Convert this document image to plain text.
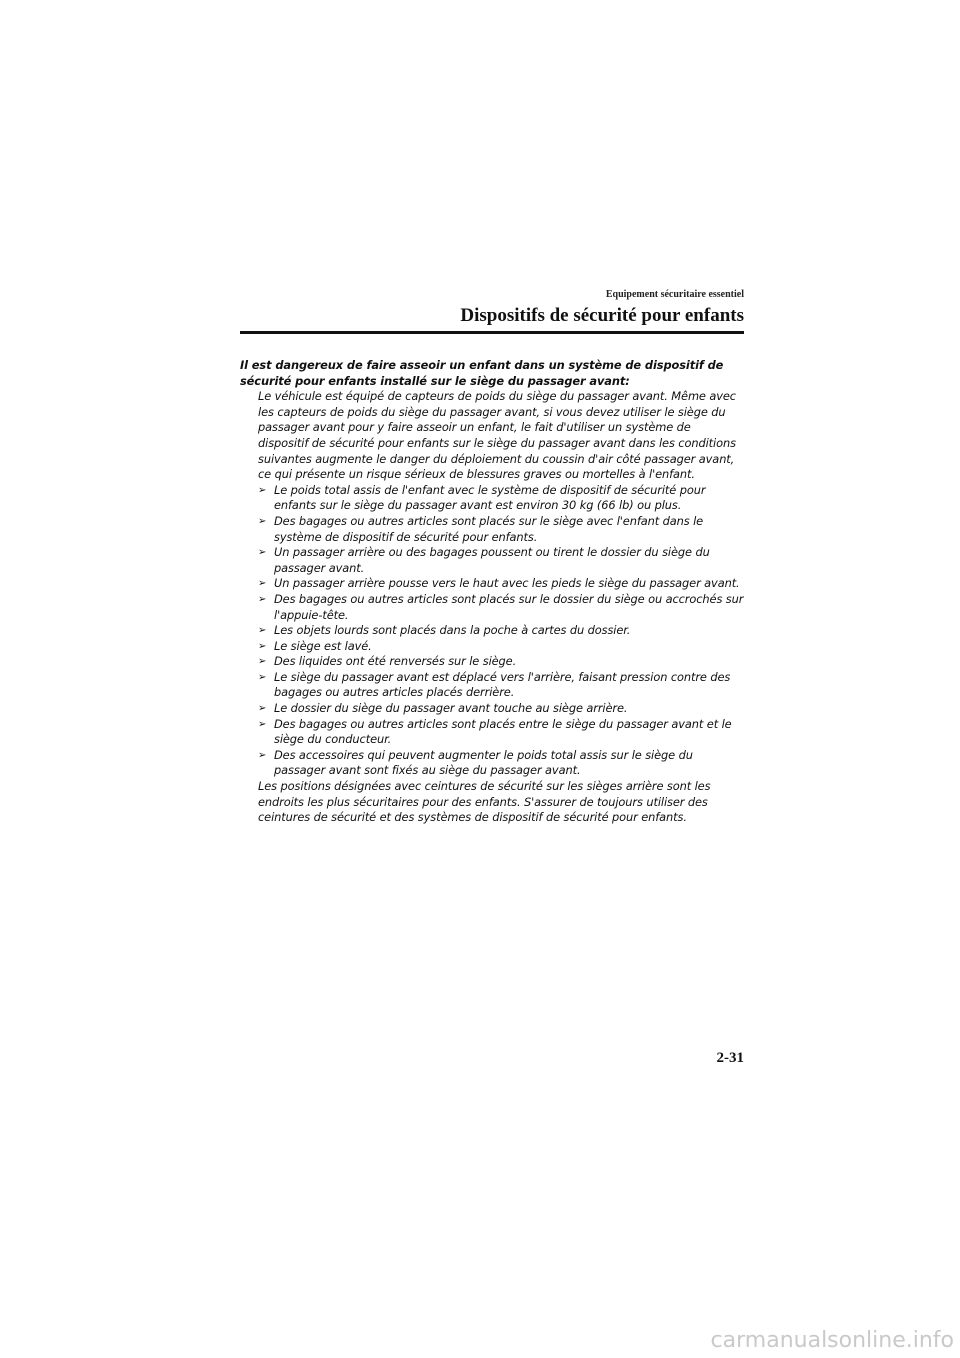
Equipement sécuritaire essentiel
Dispositifs de sécurité pour enfants
Il est dangereux de faire asseoir un enfant dans un système de dispositif de sécurité pour enfants installé sur le siège du passager avant:
Le véhicule est équipé de capteurs de poids du siège du passager avant. Même avec les capteurs de poids du siège du passager avant, si vous devez utiliser le siège du passager avant pour y faire asseoir un enfant, le fait d'utiliser un système de dispositif de sécurité pour enfants sur le siège du passager avant dans les conditions suivantes augmente le danger du déploiement du coussin d'air côté passager avant, ce qui présente un risque sérieux de blessures graves ou mortelles à l'enfant.
➢ Le poids total assis de l'enfant avec le système de dispositif de sécurité pour enfants sur le siège du passager avant est environ 30 kg (66 lb) ou plus.
➢ Des bagages ou autres articles sont placés sur le siège avec l'enfant dans le système de dispositif de sécurité pour enfants.
➢ Un passager arrière ou des bagages poussent ou tirent le dossier du siège du passager avant.
➢ Un passager arrière pousse vers le haut avec les pieds le siège du passager avant.
➢ Des bagages ou autres articles sont placés sur le dossier du siège ou accrochés sur l'appuie-tête.
➢ Les objets lourds sont placés dans la poche à cartes du dossier.
➢ Le siège est lavé.
➢ Des liquides ont été renversés sur le siège.
➢ Le siège du passager avant est déplacé vers l'arrière, faisant pression contre des bagages ou autres articles placés derrière.
➢ Le dossier du siège du passager avant touche au siège arrière.
➢ Des bagages ou autres articles sont placés entre le siège du passager avant et le siège du conducteur.
➢ Des accessoires qui peuvent augmenter le poids total assis sur le siège du passager avant sont fixés au siège du passager avant.
Les positions désignées avec ceintures de sécurité sur les sièges arrière sont les endroits les plus sécuritaires pour des enfants. S'assurer de toujours utiliser des ceintures de sécurité et des systèmes de dispositif de sécurité pour enfants.
2-31
carmanualsonline.info
